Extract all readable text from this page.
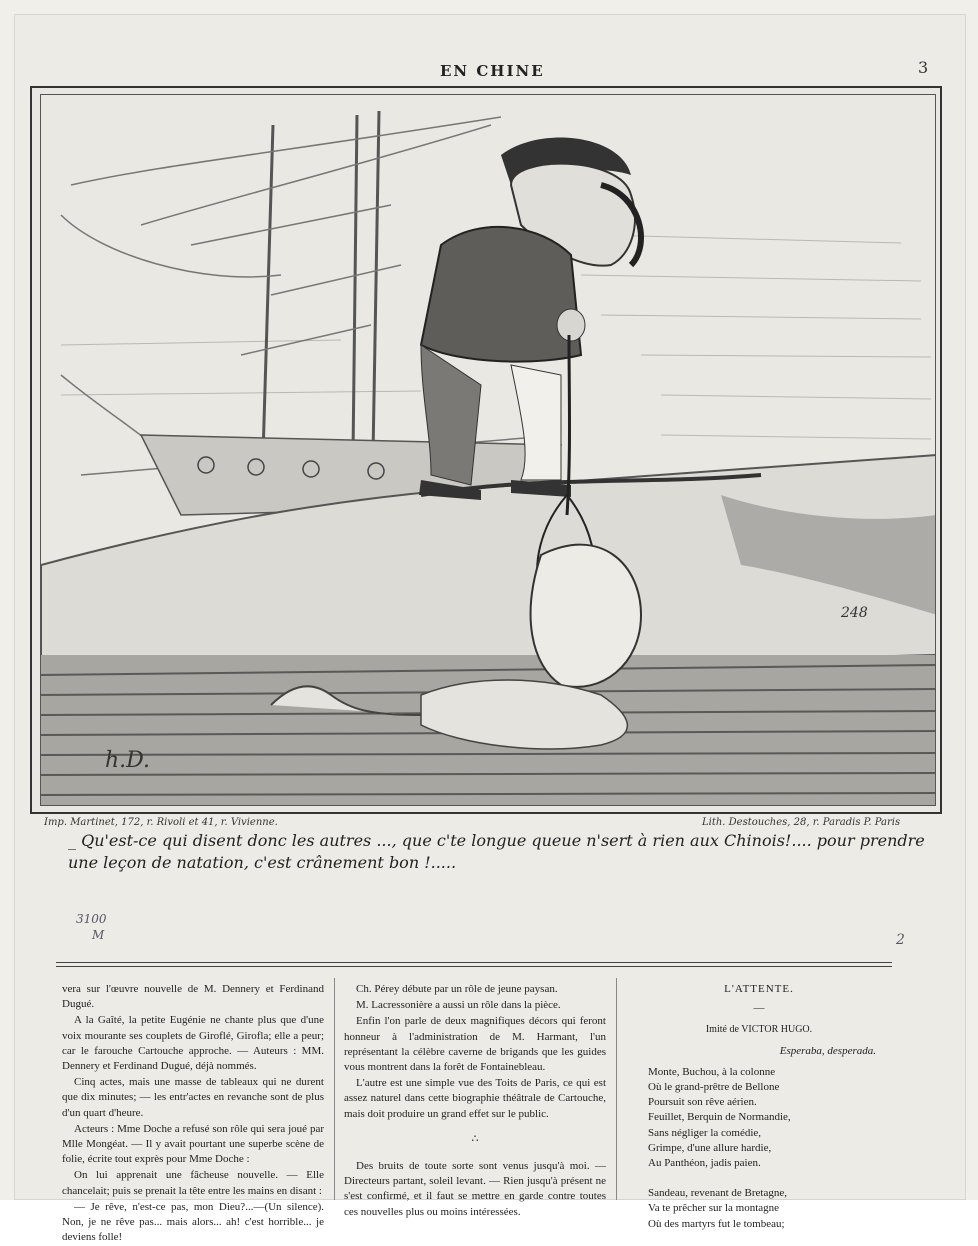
EN CHINE	3
248
h.D.
Imp. Martinet, 172, r. Rivoli et 41, r. Vivienne.	Lith. Destouches, 28, r. Paradis P. Paris
_ Qu'est-ce qui disent donc les autres ..., que c'te longue queue n'sert à rien aux Chinois!.... pour prendre une leçon de natation, c'est crânement bon !.....
3100
M	2

vera sur l'œuvre nouvelle de M. Dennery et Ferdinand Dugué.

A la Gaîté, la petite Eugénie ne chante plus que d'une voix mourante ses couplets de Giroflé, Girofla; elle a peur; car le farouche Cartouche approche. — Auteurs : MM. Dennery et Ferdinand Dugué, déjà nommés.

Cinq actes, mais une masse de tableaux qui ne durent que dix minutes; — les entr'actes en revanche sont de plus d'un quart d'heure.

Acteurs : Mme Doche a refusé son rôle qui sera joué par Mlle Mongéat. — Il y avait pourtant une superbe scène de folie, écrite tout exprès pour Mme Doche :

On lui apprenait une fâcheuse nouvelle. — Elle chancelait; puis se prenait la tête entre les mains en disant :

— Je rêve, n'est-ce pas, mon Dieu?...—(Un silence). Non, je ne rêve pas... mais alors... ah! c'est horrible... je deviens folle!

Ch. Pérey débute par un rôle de jeune paysan.

M. Lacressonière a aussi un rôle dans la pièce.

Enfin l'on parle de deux magnifiques décors qui feront honneur à l'administration de M. Harmant, l'un représentant la célèbre caverne de brigands que les guides vous montrent dans la forêt de Fontainebleau.

L'autre est une simple vue des Toits de Paris, ce qui est assez naturel dans cette biographie théâtrale de Cartouche, mais doit produire un grand effet sur le public.

∴

Des bruits de toute sorte sont venus jusqu'à moi. — Directeurs partant, soleil levant. — Rien jusqu'à présent ne s'est confirmé, et il faut se mettre en garde contre toutes ces nouvelles plus ou moins intéressées.

L'ATTENTE.
—
Imité de VICTOR HUGO.
Esperaba, desperada.
Monte, Buchou, à la colonne
Où le grand-prêtre de Bellone
Poursuit son rêve aérien.
Feuillet, Berquin de Normandie,
Sans négliger la comédie,
Grimpe, d'une allure hardie,
Au Panthéon, jadis paien.
Sandeau, revenant de Bretagne,
Va te prêcher sur la montagne
Où des martyrs fut le tombeau;
